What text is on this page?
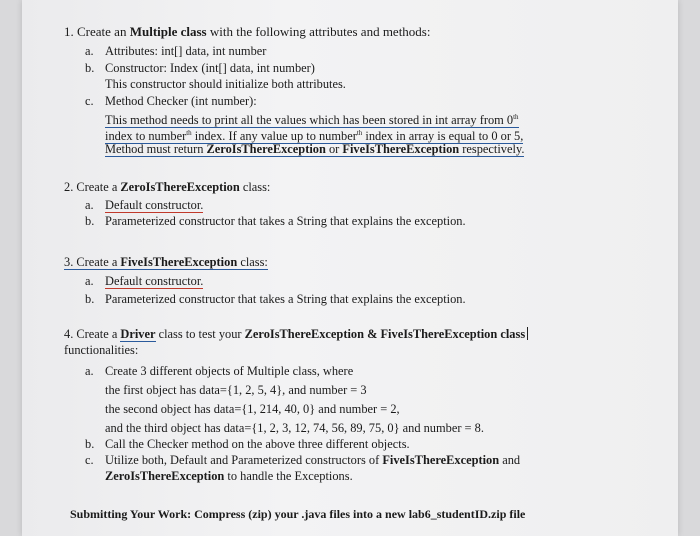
1. Create an Multiple class with the following attributes and methods:
a. Attributes: int[] data, int number
b. Constructor: Index (int[] data, int number)
This constructor should initialize both attributes.
c. Method Checker (int number):
This method needs to print all the values which has been stored in int array from 0th
index to number$^{th}$ index. If any value up to number$^{th}$ index in array is equal to 0 or 5,
Method must return ZeroIsThereException or FiveIsThereException respectively.
2. Create a ZeroIsThereException class:
a. Default constructor.
b. Parameterized constructor that takes a String that explains the exception.
3. Create a FiveIsThereException class:
a. Default constructor.
b. Parameterized constructor that takes a String that explains the exception.
4. Create a Driver class to test your ZeroIsThereException & FiveIsThereException class
functionalities:
a. Create 3 different objects of Multiple class, where
the first object has data={1, 2, 5, 4}, and number = 3
the second object has data={1, 214, 40, 0} and number = 2,
and the third object has data={1, 2, 3, 12, 74, 56, 89, 75, 0} and number = 8.
b. Call the Checker method on the above three different objects.
c. Utilize both, Default and Parameterized constructors of FiveIsThereException and
ZeroIsThereException to handle the Exceptions.
Submitting Your Work: Compress (zip) your .java files into a new lab6_studentID.zip file
